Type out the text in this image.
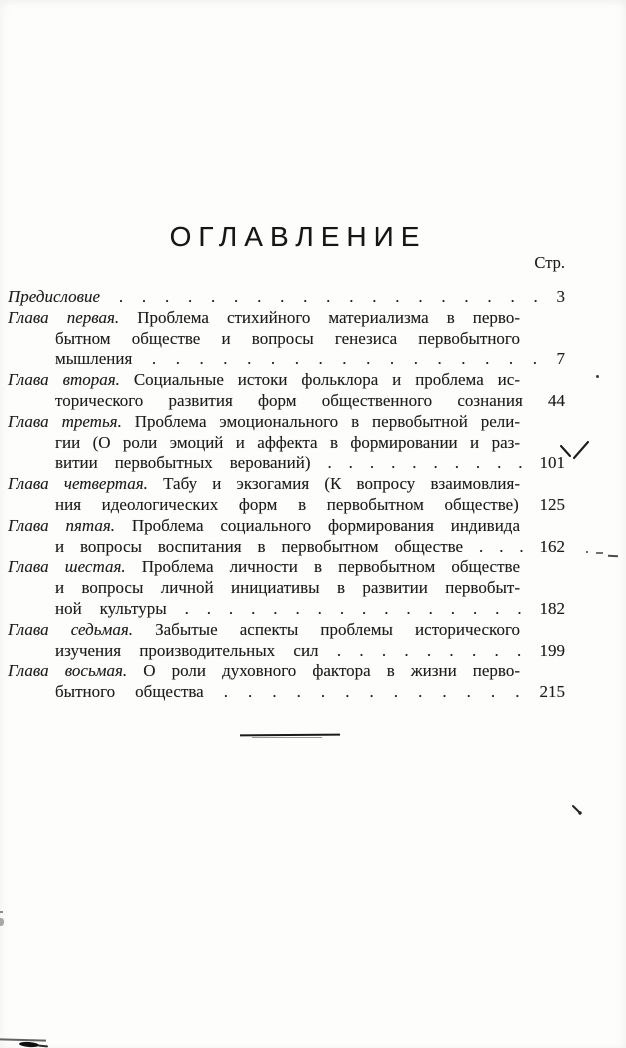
ОГЛАВЛЕНИЕ
Стр.
Предисловие . . . . . . . . . . . . . . . . . . . 3
Глава первая. Проблема стихийного материализма в перво-
бытном обществе и вопросы генезиса первобытного
мышления . . . . . . . . . . . . . . . . . 7
Глава вторая. Социальные истоки фольклора и проблема ис-
торического развития форм общественного сознания 44
Глава третья. Проблема эмоционального в первобытной рели-
гии (О роли эмоций и аффекта в формировании и раз-
витии первобытных верований) . . . . . . . . . . 101
Глава четвертая. Табу и экзогамия (К вопросу взаимовлия-
ния идеологических форм в первобытном обществе) 125
Глава пятая. Проблема социального формирования индивида
и вопросы воспитания в первобытном обществе . . . 162
Глава шестая. Проблема личности в первобытном обществе
и вопросы личной инициативы в развитии первобыт-
ной культуры . . . . . . . . . . . . . . . . 182
Глава седьмая. Забытые аспекты проблемы исторического
изучения производительных сил . . . . . . . . . 199
Глава восьмая. О роли духовного фактора в жизни перво-
бытного общества . . . . . . . . . . . . . 215
